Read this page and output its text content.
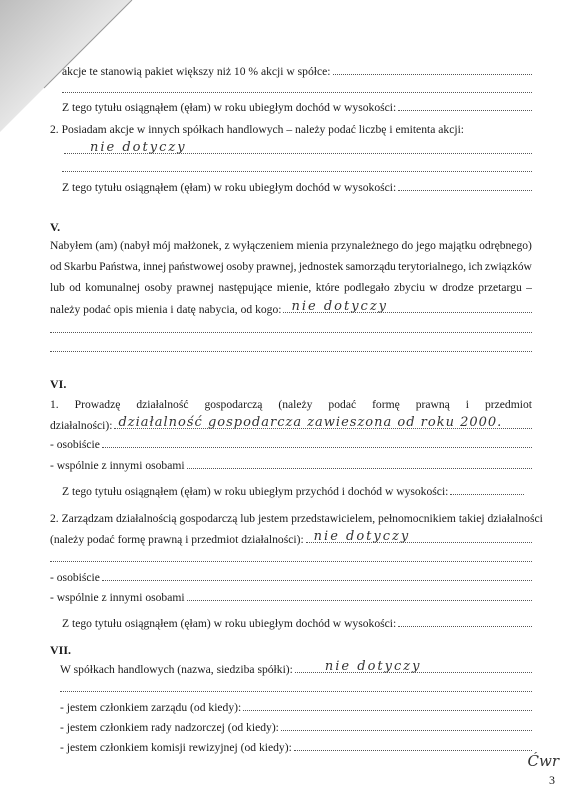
akcje te stanowią pakiet większy niż 10 % akcji w spółce:
Z tego tytułu osiągnąłem (ęłam) w roku ubiegłym dochód w wysokości:
2. Posiadam akcje w innych spółkach handlowych – należy podać liczbę i emitenta akcji:
nie dotyczy
Z tego tytułu osiągnąłem (ęłam) w roku ubiegłym dochód w wysokości:
V.
Nabyłem (am) (nabył mój małżonek, z wyłączeniem mienia przynależnego do jego majątku odrębnego)
od Skarbu Państwa, innej państwowej osoby prawnej, jednostek samorządu terytorialnego, ich związków
lub od komunalnej osoby prawnej następujące mienie, które podlegało zbyciu w drodze przetargu –
należy podać opis mienia i datę nabycia, od kogo: nie dotyczy
VI.
1. Prowadzę działalność gospodarczą (należy podać formę prawną i przedmiot
działalności): działalność gospodarcza zawieszona od roku 2000.
- osobiście
- wspólnie z innymi osobami
Z tego tytułu osiągnąłem (ęłam) w roku ubiegłym przychód i dochód w wysokości:
2. Zarządzam działalnością gospodarczą lub jestem przedstawicielem, pełnomocnikiem takiej działalności
(należy podać formę prawną i przedmiot działalności): nie dotyczy
- osobiście
- wspólnie z innymi osobami
Z tego tytułu osiągnąłem (ęłam) w roku ubiegłym dochód w wysokości:
VII.
W spółkach handlowych (nazwa, siedziba spółki): nie dotyczy
- jestem członkiem zarządu (od kiedy):
- jestem członkiem rady nadzorczej (od kiedy):
- jestem członkiem komisji rewizyjnej (od kiedy):
Ćwr
3
